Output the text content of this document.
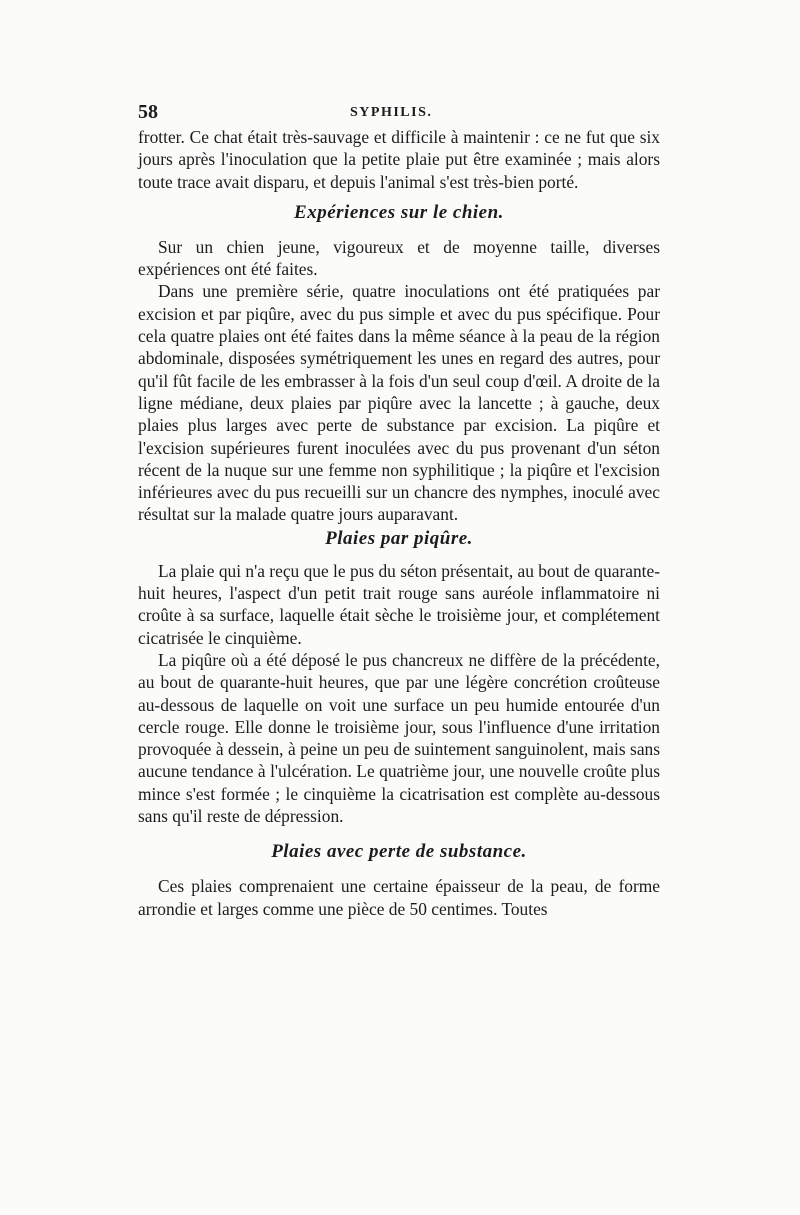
58	SYPHILIS.

frotter. Ce chat était très-sauvage et difficile à maintenir : ce ne fut que six jours après l'inoculation que la petite plaie put être examinée ; mais alors toute trace avait disparu, et depuis l'animal s'est très-bien porté.

Expériences sur le chien.

Sur un chien jeune, vigoureux et de moyenne taille, diverses expériences ont été faites.

Dans une première série, quatre inoculations ont été pratiquées par excision et par piqûre, avec du pus simple et avec du pus spécifique. Pour cela quatre plaies ont été faites dans la même séance à la peau de la région abdominale, disposées symétriquement les unes en regard des autres, pour qu'il fût facile de les embrasser à la fois d'un seul coup d'œil. A droite de la ligne médiane, deux plaies par piqûre avec la lancette ; à gauche, deux plaies plus larges avec perte de substance par excision. La piqûre et l'excision supérieures furent inoculées avec du pus provenant d'un séton récent de la nuque sur une femme non syphilitique ; la piqûre et l'excision inférieures avec du pus recueilli sur un chancre des nymphes, inoculé avec résultat sur la malade quatre jours auparavant.

Plaies par piqûre.

La plaie qui n'a reçu que le pus du séton présentait, au bout de quarante-huit heures, l'aspect d'un petit trait rouge sans auréole inflammatoire ni croûte à sa surface, laquelle était sèche le troisième jour, et complétement cicatrisée le cinquième.

La piqûre où a été déposé le pus chancreux ne diffère de la précédente, au bout de quarante-huit heures, que par une légère concrétion croûteuse au-dessous de laquelle on voit une surface un peu humide entourée d'un cercle rouge. Elle donne le troisième jour, sous l'influence d'une irritation provoquée à dessein, à peine un peu de suintement sanguinolent, mais sans aucune tendance à l'ulcération. Le quatrième jour, une nouvelle croûte plus mince s'est formée ; le cinquième la cicatrisation est complète au-dessous sans qu'il reste de dépression.

Plaies avec perte de substance.

Ces plaies comprenaient une certaine épaisseur de la peau, de forme arrondie et larges comme une pièce de 50 centimes. Toutes
